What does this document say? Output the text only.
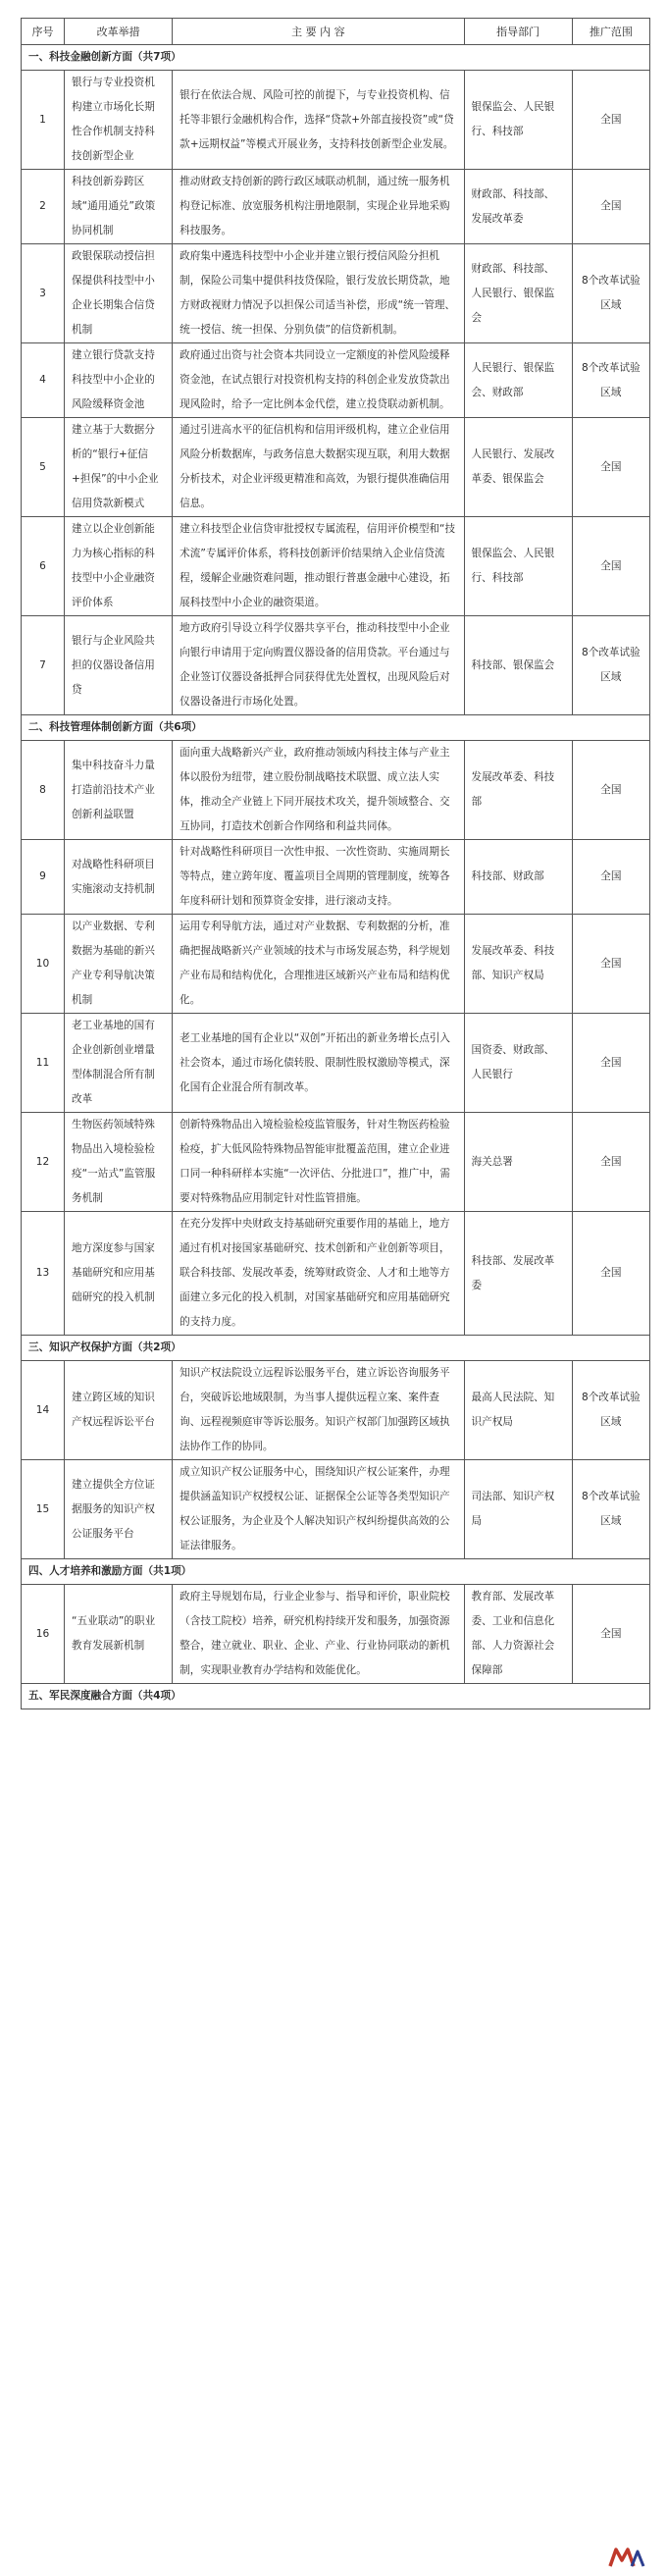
序号	改革举措	主 要 内 容	指导部门	推广范围
一、科技金融创新方面（共7项）				
1	银行与专业投资机构建立市场化长期性合作机制支持科技创新型企业	银行在依法合规、风险可控的前提下，与专业投资机构、信托等非银行金融机构合作，选择“贷款+外部直接投资”或“贷款+远期权益”等模式开展业务，支持科技创新型企业发展。	银保监会、人民银行、科技部	全国
2	科技创新券跨区域“通用通兑”政策协同机制	推动财政支持创新的跨行政区域联动机制，通过统一服务机构登记标准、放宽服务机构注册地限制，实现企业异地采购科技服务。	财政部、科技部、发展改革委	全国
3	政银保联动授信担保提供科技型中小企业长期集合信贷机制	政府集中遴选科技型中小企业并建立银行授信风险分担机制，保险公司集中提供科技贷保险，银行发放长期贷款，地方财政视财力情况予以担保公司适当补偿，形成“统一管理、统一授信、统一担保、分别负债”的信贷新机制。	财政部、科技部、人民银行、银保监会	8个改革试验区域
4	建立银行贷款支持科技型中小企业的风险缓释资金池	政府通过出资与社会资本共同设立一定额度的补偿风险缓释资金池，在试点银行对投资机构支持的科创企业发放贷款出现风险时，给予一定比例本金代偿，建立投贷联动新机制。	人民银行、银保监会、财政部	8个改革试验区域
5	建立基于大数据分析的“银行+征信+担保”的中小企业信用贷款新模式	通过引进高水平的征信机构和信用评级机构，建立企业信用风险分析数据库，与政务信息大数据实现互联，利用大数据分析技术，对企业评级更精准和高效，为银行提供准确信用信息。	人民银行、发展改革委、银保监会	全国
6	建立以企业创新能力为核心指标的科技型中小企业融资评价体系	建立科技型企业信贷审批授权专属流程，信用评价模型和“技术流”专属评价体系，将科技创新评价结果纳入企业信贷流程，缓解企业融资难问题，推动银行普惠金融中心建设，拓展科技型中小企业的融资渠道。	银保监会、人民银行、科技部	全国
7	银行与企业风险共担的仪器设备信用贷	地方政府引导设立科学仪器共享平台，推动科技型中小企业向银行申请用于定向购置仪器设备的信用贷款。平台通过与企业签订仪器设备抵押合同获得优先处置权，出现风险后对仪器设备进行市场化处置。	科技部、银保监会	8个改革试验区域
二、科技管理体制创新方面（共6项）				
8	集中科技奋斗力量打造前沿技术产业创新利益联盟	面向重大战略新兴产业，政府推动领域内科技主体与产业主体以股份为纽带，建立股份制战略技术联盟、成立法人实体，推动全产业链上下同开展技术攻关，提升领域整合、交互协同，打造技术创新合作网络和利益共同体。	发展改革委、科技部	全国
9	对战略性科研项目实施滚动支持机制	针对战略性科研项目一次性申报、一次性资助、实施周期长等特点，建立跨年度、覆盖项目全周期的管理制度，统筹各年度科研计划和预算资金安排，进行滚动支持。	科技部、财政部	全国
10	以产业数据、专利数据为基础的新兴产业专利导航决策机制	运用专利导航方法，通过对产业数据、专利数据的分析，准确把握战略新兴产业领域的技术与市场发展态势，科学规划产业布局和结构优化，合理推进区域新兴产业布局和结构优化。	发展改革委、科技部、知识产权局	全国
11	老工业基地的国有企业创新创业增量型体制混合所有制改革	老工业基地的国有企业以“双创”开拓出的新业务增长点引入社会资本，通过市场化债转股、限制性股权激励等模式，深化国有企业混合所有制改革。	国资委、财政部、人民银行	全国
12	生物医药领域特殊物品出入境检验检疫“一站式”监管服务机制	创新特殊物品出入境检验检疫监管服务，针对生物医药检验检疫，扩大低风险特殊物品智能审批覆盖范围，建立企业进口同一种科研样本实施“一次评估、分批进口”，推广中，需要对特殊物品应用制定针对性监管措施。	海关总署	全国
13	地方深度参与国家基础研究和应用基础研究的投入机制	在充分发挥中央财政支持基础研究重要作用的基础上，地方通过有机对接国家基础研究、技术创新和产业创新等项目，联合科技部、发展改革委，统筹财政资金、人才和土地等方面建立多元化的投入机制，对国家基础研究和应用基础研究的支持力度。	科技部、发展改革委	全国
三、知识产权保护方面（共2项）				
14	建立跨区域的知识产权远程诉讼平台	知识产权法院设立远程诉讼服务平台，建立诉讼咨询服务平台，突破诉讼地域限制，为当事人提供远程立案、案件查询、远程视频庭审等诉讼服务。知识产权部门加强跨区域执法协作工作的协同。	最高人民法院、知识产权局	8个改革试验区域
15	建立提供全方位证据服务的知识产权公证服务平台	成立知识产权公证服务中心，围绕知识产权公证案件，办理提供涵盖知识产权授权公证、证据保全公证等各类型知识产权公证服务，为企业及个人解决知识产权纠纷提供高效的公证法律服务。	司法部、知识产权局	8个改革试验区域
四、人才培养和激励方面（共1项）				
16	“五业联动”的职业教育发展新机制	政府主导规划布局，行业企业参与、指导和评价，职业院校（含技工院校）培养，研究机构持续开发和服务，加强资源整合，建立就业、职业、企业、产业、行业协同联动的新机制，实现职业教育办学结构和效能优化。	教育部、发展改革委、工业和信息化部、人力资源社会保障部	全国
五、军民深度融合方面（共4项）				
